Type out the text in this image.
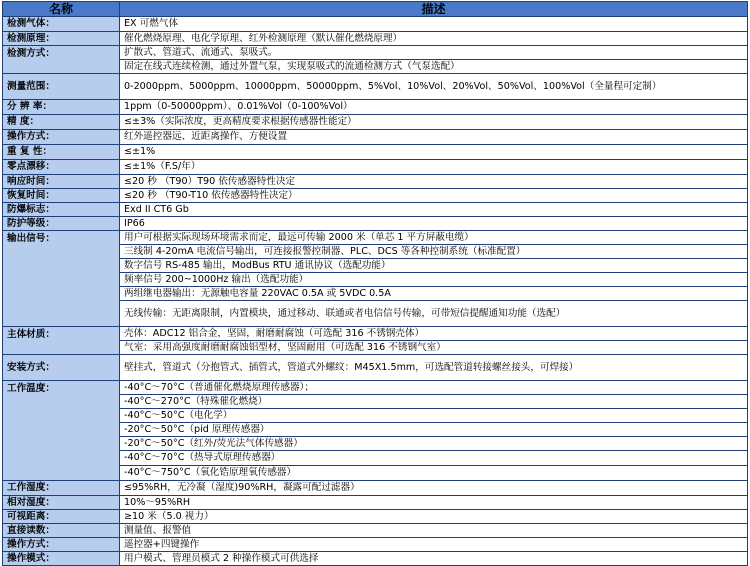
名称	描述
检测气体：	EX 可燃气体
检测原理：	催化燃烧原理、电化学原理、红外检测原理（默认催化燃烧原理）
检测方式：	扩散式、管道式、流通式、泵吸式。
	固定在线式连续检测，通过外置气泵，实现泵吸式的流通检测方式（气泵选配）
测量范围：	0-2000ppm、5000ppm、10000ppm、50000ppm、5%Vol、10%Vol、20%Vol、50%Vol、100%Vol（全量程可定制）
分 辨 率：	1ppm（0-50000ppm）、0.01%Vol（0-100%Vol）
精 度：	≤±3%（实际浓度，更高精度要求根据传感器性能定）
操作方式：	红外遥控器远、近距离操作、方便设置
重 复 性：	≤±1%
零点漂移：	≤±1%（F.S/年）
响应时间：	≤20 秒 （T90）T90 依传感器特性决定
恢复时间：	≤20 秒 （T90-T10 依传感器特性决定）
防爆标志：	Exd II CT6 Gb
防护等级：	IP66
输出信号：	用户可根据实际现场环境需求而定，最远可传输 2000 米（单芯 1 平方屏蔽电缆）
	三线制 4-20mA 电流信号输出，可连接报警控制器、PLC、DCS 等各种控制系统（标准配置）
	数字信号 RS-485 输出，ModBus RTU 通讯协议（选配功能）
	频率信号 200~1000Hz 输出（选配功能）
	两组继电器输出：无源触电容量 220VAC 0.5A 或 5VDC 0.5A
	无线传输：无距离限制，内置模块，通过移动、联通或者电信信号传输，可带短信提醒通知功能（选配）
主体材质：	壳体：ADC12 铝合金，坚固，耐磨耐腐蚀（可选配 316 不锈钢壳体）
	气室：采用高强度耐磨耐腐蚀铝型材，坚固耐用（可选配 316 不锈钢气室）
安装方式：	壁挂式，管道式（分抱管式、插管式，管道式外螺纹：M45X1.5mm，可选配管道转接螺丝接头，可焊接）
工作温度：	-40°C～70°C（普通催化燃烧原理传感器）；
	-40°C～270°C（特殊催化燃烧）
	-40°C～50°C（电化学）
	-20°C～50°C（pid 原理传感器）
	-20°C～50°C（红外/荧光法气体传感器）
	-40°C～70°C（热导式原理传感器）
	-40°C～750°C（氧化锆原理氧传感器）
工作湿度：	≤95%RH，无冷凝（湿度)90%RH，凝露可配过滤器）
相对湿度：	10%～95%RH
可视距离：	≥10 米（5.0 视力）
直接读数：	测量值、报警值
操作方式：	遥控器+四键操作
操作模式：	用户模式、管理员模式 2 种操作模式可供选择
